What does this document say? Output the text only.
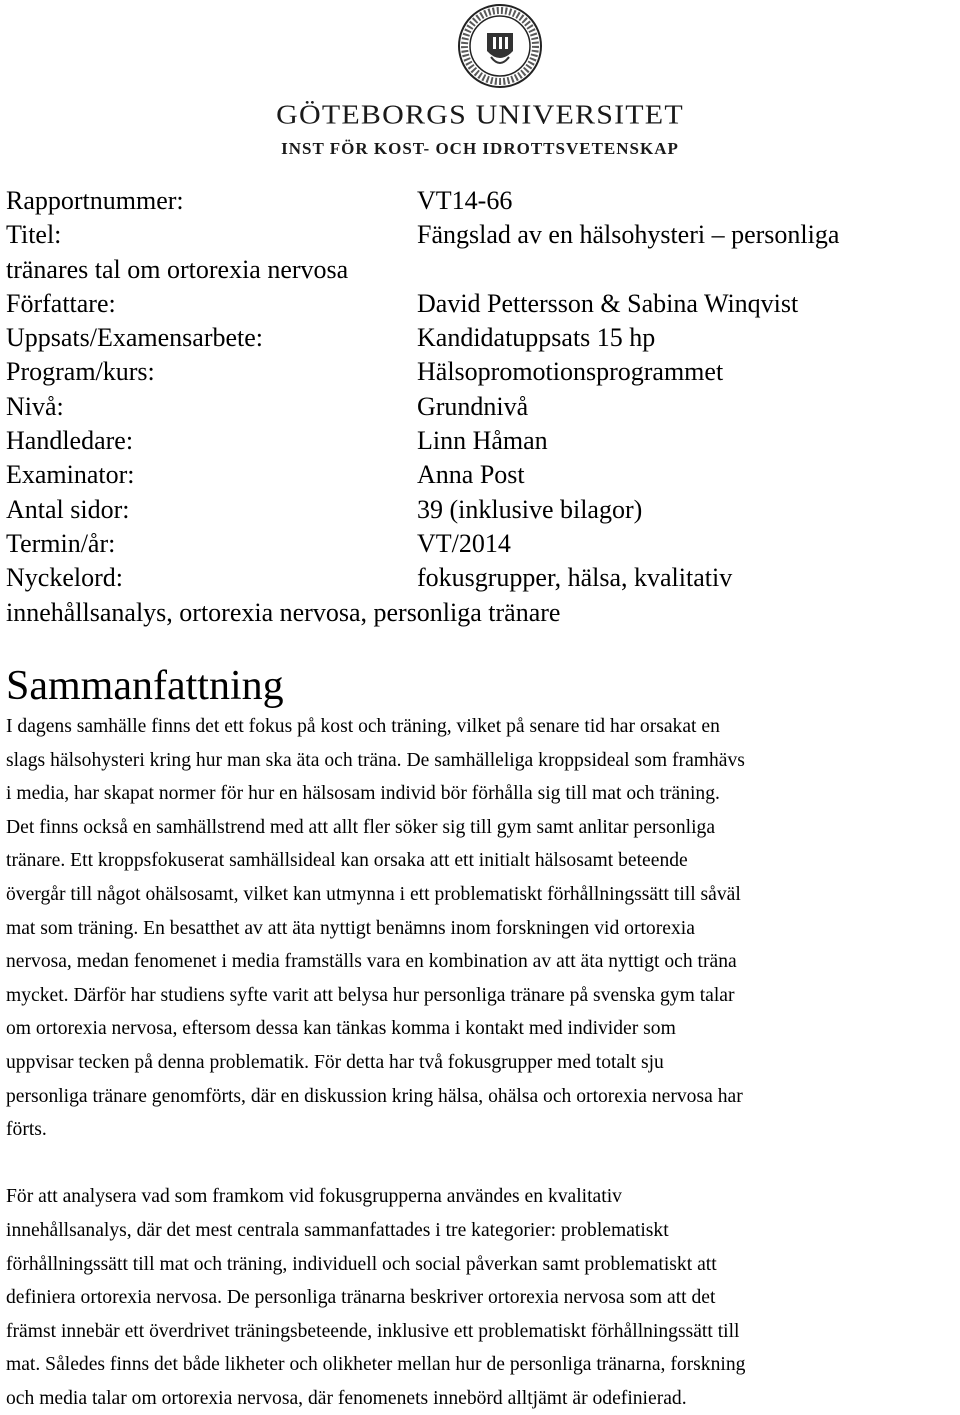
GÖTEBORGS UNIVERSITET
INST FÖR KOST- OCH IDROTTSVETENSKAP
Rapportnummer:	VT14-66
Titel:	Fängslad av en hälsohysteri – personliga
tränares tal om ortorexia nervosa
Författare:	David Pettersson & Sabina Winqvist
Uppsats/Examensarbete:	Kandidatuppsats 15 hp
Program/kurs:	Hälsopromotionsprogrammet
Nivå:	Grundnivå
Handledare:	Linn Håman
Examinator:	Anna Post
Antal sidor:	39 (inklusive bilagor)
Termin/år:	VT/2014
Nyckelord:	fokusgrupper, hälsa, kvalitativ
innehållsanalys, ortorexia nervosa, personliga tränare
Sammanfattning

I dagens samhälle finns det ett fokus på kost och träning, vilket på senare tid har orsakat en
slags hälsohysteri kring hur man ska äta och träna. De samhälleliga kroppsideal som framhävs
i media, har skapat normer för hur en hälsosam individ bör förhålla sig till mat och träning.
Det finns också en samhällstrend med att allt fler söker sig till gym samt anlitar personliga
tränare. Ett kroppsfokuserat samhällsideal kan orsaka att ett initialt hälsosamt beteende
övergår till något ohälsosamt, vilket kan utmynna i ett problematiskt förhållningssätt till såväl
mat som träning. En besatthet av att äta nyttigt benämns inom forskningen vid ortorexia
nervosa, medan fenomenet i media framställs vara en kombination av att äta nyttigt och träna
mycket. Därför har studiens syfte varit att belysa hur personliga tränare på svenska gym talar
om ortorexia nervosa, eftersom dessa kan tänkas komma i kontakt med individer som
uppvisar tecken på denna problematik. För detta har två fokusgrupper med totalt sju
personliga tränare genomförts, där en diskussion kring hälsa, ohälsa och ortorexia nervosa har
förts.

För att analysera vad som framkom vid fokusgrupperna användes en kvalitativ
innehållsanalys, där det mest centrala sammanfattades i tre kategorier: problematiskt
förhållningssätt till mat och träning, individuell och social påverkan samt problematiskt att
definiera ortorexia nervosa. De personliga tränarna beskriver ortorexia nervosa som att det
främst innebär ett överdrivet träningsbeteende, inklusive ett problematiskt förhållningssätt till
mat. Således finns det både likheter och olikheter mellan hur de personliga tränarna, forskning
och media talar om ortorexia nervosa, där fenomenets innebörd alltjämt är odefinierad.
